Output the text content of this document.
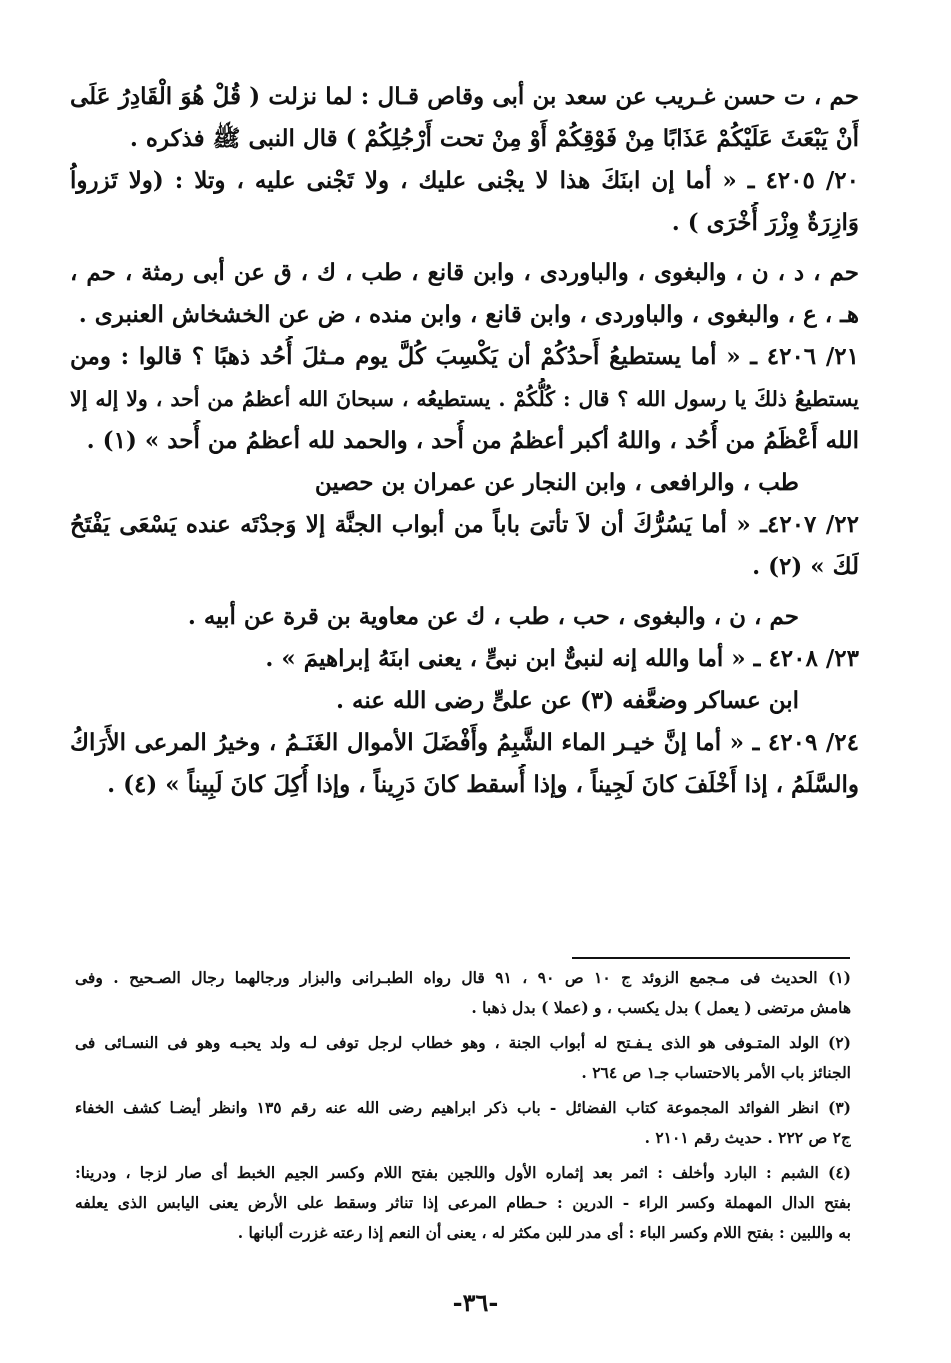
حم ، ت حسن غـريب عن سعد بن أبى وقاص قـال : لما نزلت ( قُلْ هُوَ الْقَادِرُ عَلَى
أَنْ يَبْعَثَ عَلَيْكُمْ عَذَابًا مِنْ فَوْقِكُمْ أَوْ مِنْ تحت أَرْجُلِكُمْ ) قال النبى ﷺ فذكره .
٢٠/ ٤٢٠٥ ـ « أما إن ابنَكَ هذا لا يجْنى عليك ، ولا تَجْنى عليه ، وتلا : (ولا تَزرواُ
وَازِرَةٌ وِزْرَ أُخْرَى ) .
حم ، د ، ن ، والبغوى ، والباوردى ، وابن قانع ، طب ، ك ، ق عن أبى رمثة ، حم ،
هـ ، ع ، والبغوى ، والباوردى ، وابن قانع ، وابن منده ، ض عن الخشخاش العنبرى .
٢١/ ٤٢٠٦ ـ « أما يستطيعُ أَحدُكُمْ أن يَكْسِبَ كُلَّ يوم مـثلَ أُحُد ذهبًا ؟ قالوا : ومن
يستطيعُ ذلكَ يا رسول الله ؟ قال : كُلُّكُمْ . يستطيعُه ، سبحانَ الله أعظمُ من أحد ، ولا إله إلا
الله أَعْظَمُ من أُحُد ، واللهُ أكبر أعظمُ من أُحد ، والحمد لله أعظمُ من أُحد » (١) .
طب ، والرافعى ، وابن النجار عن عمران بن حصين
٢٢/ ٤٢٠٧ـ « أما يَسُرُّكَ أن لاَ تأتىَ باباً من أبواب الجنَّة إلا وَجدْتَه عنده يَسْعَى يَفْتَحُ
لَكَ » (٢) .
حم ، ن ، والبغوى ، حب ، طب ، ك عن معاوية بن قرة عن أبيه .
٢٣/ ٤٢٠٨ ـ « أما والله إنه لنبىٌّ ابن نبىٍّ ، يعنى ابنَهُ إبراهيمَ » .
ابن عساكر وضعَّفه (٣) عن علىٍّ رضى الله عنه .
٢٤/ ٤٢٠٩ ـ « أما إنَّ خيـر الماء الشَّبِمُ وأَفْضَلَ الأموال الغَنَـمُ ، وخيرُ المرعى الأَرَاكُ
والسَّلَمُ ، إذا أَخْلَفَ كانَ لَجِيناً ، وإذا أُسقط كانَ دَرِيناً ، وإذا أُكِلَ كانَ لَبِيناً » (٤) .
(١) الحديث فى مـجمع الزوئد ج ١٠ ص ٩٠ ، ٩١ قال رواه الطبـرانى والبزار ورجالهما رجال الصـحيح . وفى
هامش مرتضى ( يعمل ) بدل يكسب ، و (عملا ) بدل ذهبا .
(٢) الولد المتـوفى هو الذى يـفـتح له أبواب الجنة ، وهو خطاب لرجل توفى لـه ولد يحبـه وهو فى النسـائى فى
الجنائز باب الأمر بالاحتساب جـ١ ص ٢٦٤ .
(٣) انظر الفوائد المجموعة كتاب الفضائل - باب ذكر ابراهيم رضى الله عنه رقم ١٣٥ وانظر أيضـا كشف الخفاء
ج٢ ص ٢٢٢ . حديث رقم ٢١٠١ .
(٤) الشبم : البارد وأخلف : اثمر بعد إثماره الأول واللجين بفتح اللام وكسر الجيم الخبط أى صار لزجا ، ودرينا:
بفتح الدال المهملة وكسر الراء - الدرين : حـطام المرعى إذا تناثر وسقط على الأرض يعنى اليابس الذى يعلفه
به واللبين : بفتح اللام وكسر الباء : أى مدر للبن مكثر له ، يعنى أن النعم إذا رعته غزرت ألبانها .
-٣٦-
